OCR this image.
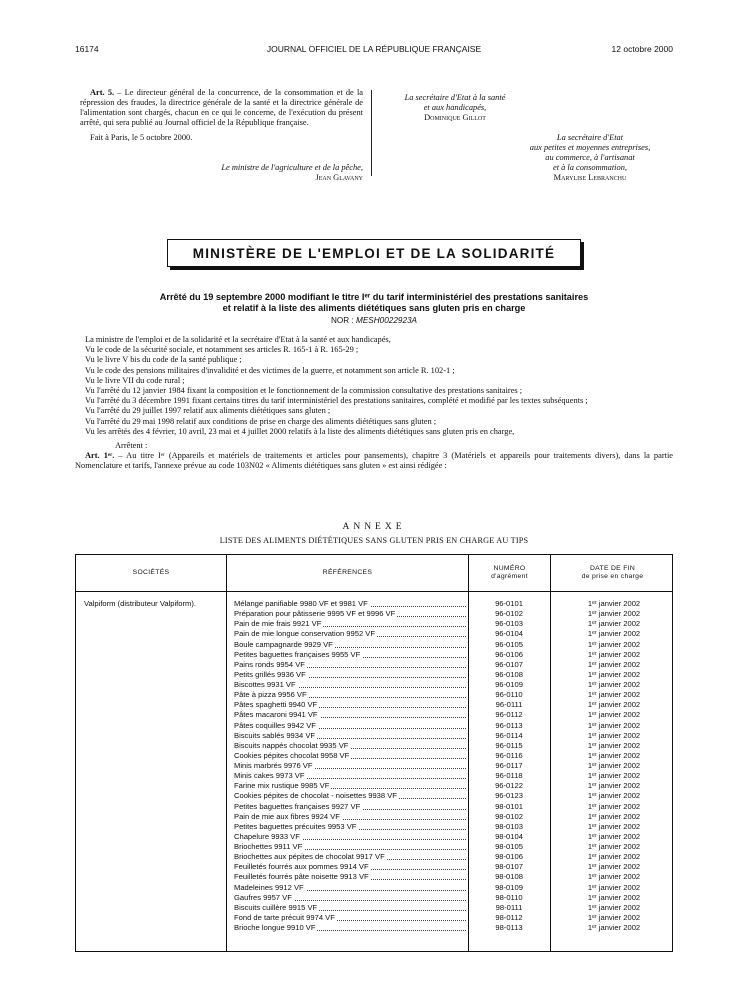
16174	JOURNAL OFFICIEL DE LA RÉPUBLIQUE FRANÇAISE	12 octobre 2000

Art. 5. – Le directeur général de la concurrence, de la consommation et de la répression des fraudes, la directrice générale de la santé et la directrice générale de l'alimentation sont chargés, chacun en ce qui le concerne, de l'exécution du présent arrêté, qui sera publié au Journal officiel de la République française.

Fait à Paris, le 5 octobre 2000.

Le ministre de l'agriculture et de la pêche,
Jean Glavany
La secrétaire d'Etat à la santé
et aux handicapés,
Dominique Gillot
La secrétaire d'Etat
aux petites et moyennes entreprises,
au commerce, à l'artisanat
et à la consommation,
Marylise Lebranchu
MINISTÈRE DE L'EMPLOI ET DE LA SOLIDARITÉ
Arrêté du 19 septembre 2000 modifiant le titre Iᵉʳ du tarif interministériel des prestations sanitaires
et relatif à la liste des aliments diététiques sans gluten pris en charge
NOR : MESH0022923A

La ministre de l'emploi et de la solidarité et la secrétaire d'Etat à la santé et aux handicapés,

Vu le code de la sécurité sociale, et notamment ses articles R. 165-1 à R. 165-29 ;

Vu le livre V bis du code de la santé publique ;

Vu le code des pensions militaires d'invalidité et des victimes de la guerre, et notamment son article R. 102-1 ;

Vu le livre VII du code rural ;

Vu l'arrêté du 12 janvier 1984 fixant la composition et le fonctionnement de la commission consultative des prestations sanitaires ;

Vu l'arrêté du 3 décembre 1991 fixant certains titres du tarif interministériel des prestations sanitaires, complété et modifié par les textes subséquents ;

Vu l'arrêté du 29 juillet 1997 relatif aux aliments diététiques sans gluten ;

Vu l'arrêté du 29 mai 1998 relatif aux conditions de prise en charge des aliments diététiques sans gluten ;

Vu les arrêtés des 4 février, 10 avril, 23 mai et 4 juillet 2000 relatifs à la liste des aliments diététiques sans gluten pris en charge,

Arrêtent :

Art. 1ᵉʳ. – Au titre Iᵉʳ (Appareils et matériels de traitements et articles pour pansements), chapitre 3 (Matériels et appareils pour traitements divers), dans la partie Nomenclature et tarifs, l'annexe prévue au code 103N02 « Aliments diététiques sans gluten » est ainsi rédigée :

ANNEXE
LISTE DES ALIMENTS DIÉTÉTIQUES SANS GLUTEN PRIS EN CHARGE AU TIPS
SOCIÉTÉS	RÉFÉRENCES
NUMÉRO
d'agrément
DATE DE FIN
de prise en charge
Valpiform (distributeur Valpiform).	Mélange panifiable 9980 VF et 9981 VF	96-0101	1ᵉʳ janvier 2002
Préparation pour pâtisserie 9995 VF et 9996 VF	96-0102	1ᵉʳ janvier 2002
Pain de mie frais 9921 VF	96-0103	1ᵉʳ janvier 2002
Pain de mie longue conservation 9952 VF	96-0104	1ᵉʳ janvier 2002
Boule campagnarde 9929 VF	96-0105	1ᵉʳ janvier 2002
Petites baguettes françaises 9955 VF	96-0106	1ᵉʳ janvier 2002
Pains ronds 9954 VF	96-0107	1ᵉʳ janvier 2002
Petits grillés 9936 VF	96-0108	1ᵉʳ janvier 2002
Biscottes 9931 VF	96-0109	1ᵉʳ janvier 2002
Pâte à pizza 9956 VF	96-0110	1ᵉʳ janvier 2002
Pâtes spaghetti 9940 VF	96-0111	1ᵉʳ janvier 2002
Pâtes macaroni 9941 VF	96-0112	1ᵉʳ janvier 2002
Pâtes coquilles 9942 VF	96-0113	1ᵉʳ janvier 2002
Biscuits sablés 9934 VF	96-0114	1ᵉʳ janvier 2002
Biscuits nappés chocolat 9935 VF	96-0115	1ᵉʳ janvier 2002
Cookies pépites chocolat 9958 VF	96-0116	1ᵉʳ janvier 2002
Minis marbrés 9976 VF	96-0117	1ᵉʳ janvier 2002
Minis cakes 9973 VF	96-0118	1ᵉʳ janvier 2002
Farine mix rustique 9985 VF	96-0122	1ᵉʳ janvier 2002
Cookies pépites de chocolat - noisettes 9938 VF	96-0123	1ᵉʳ janvier 2002
Petites baguettes françaises 9927 VF	98-0101	1ᵉʳ janvier 2002
Pain de mie aux fibres 9924 VF	98-0102	1ᵉʳ janvier 2002
Petites baguettes précuites 9953 VF	98-0103	1ᵉʳ janvier 2002
Chapelure 9933 VF	98-0104	1ᵉʳ janvier 2002
Briochettes 9911 VF	98-0105	1ᵉʳ janvier 2002
Briochettes aux pépites de chocolat 9917 VF	98-0106	1ᵉʳ janvier 2002
Feuilletés fourrés aux pommes 9914 VF	98-0107	1ᵉʳ janvier 2002
Feuilletés fourrés pâte noisette 9913 VF	98-0108	1ᵉʳ janvier 2002
Madeleines 9912 VF	98-0109	1ᵉʳ janvier 2002
Gaufres 9957 VF	98-0110	1ᵉʳ janvier 2002
Biscuits cuillère 9915 VF	98-0111	1ᵉʳ janvier 2002
Fond de tarte précuit 9974 VF	98-0112	1ᵉʳ janvier 2002
Brioche longue 9910 VF	98-0113	1ᵉʳ janvier 2002
